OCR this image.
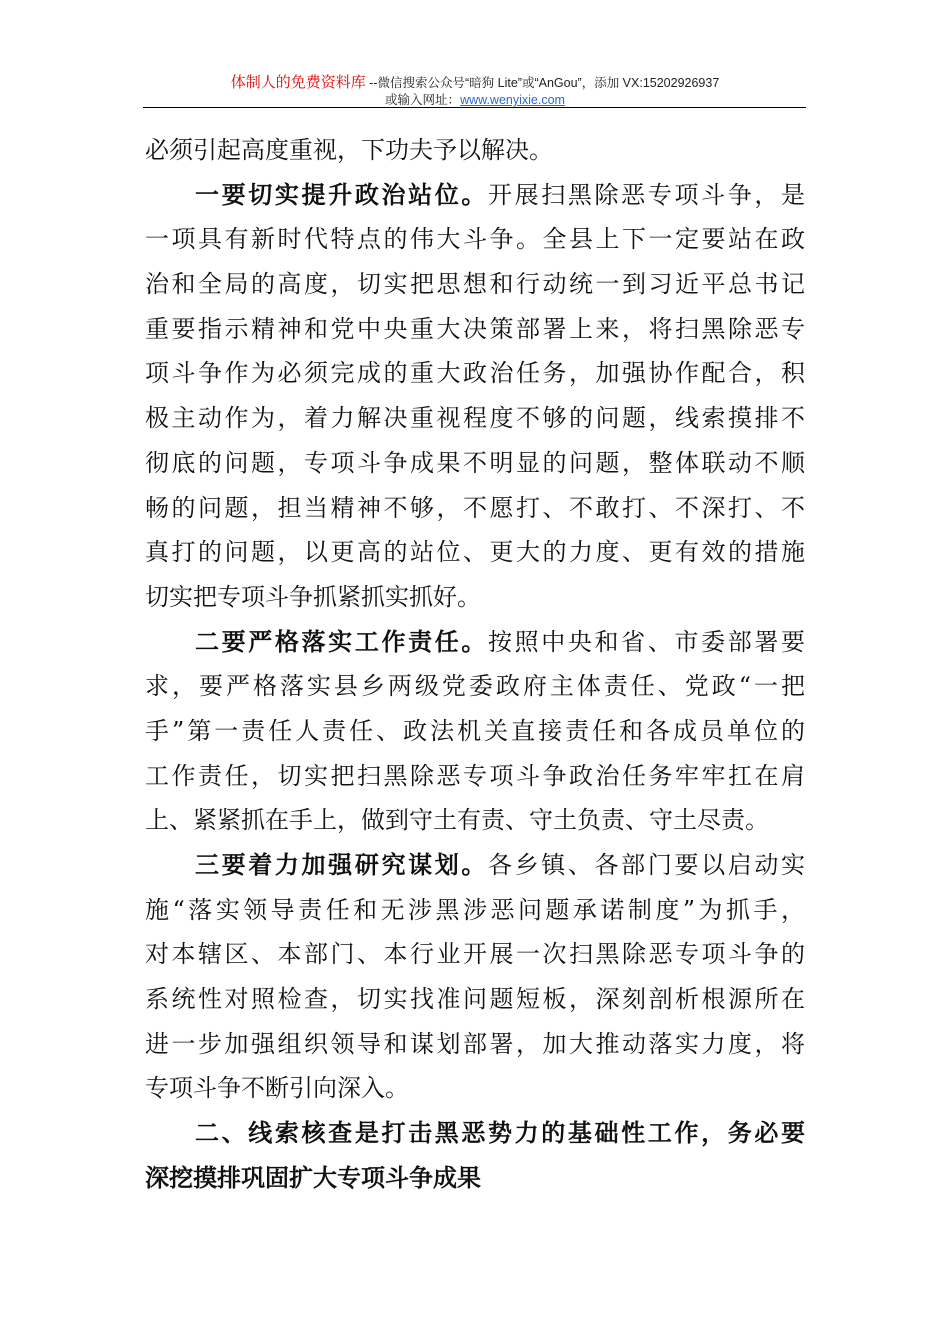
体制人的免费资料库 --微信搜索公众号“暗狗 Lite”或“AnGou”，添加 VX:15202926937
或输入网址：www.wenyixie.com
必须引起高度重视，下功夫予以解决。
一要切实提升政治站位。开展扫黑除恶专项斗争，是
一项具有新时代特点的伟大斗争。全县上下一定要站在政
治和全局的高度，切实把思想和行动统一到习近平总书记
重要指示精神和党中央重大决策部署上来，将扫黑除恶专
项斗争作为必须完成的重大政治任务，加强协作配合，积
极主动作为，着力解决重视程度不够的问题，线索摸排不
彻底的问题，专项斗争成果不明显的问题，整体联动不顺
畅的问题，担当精神不够，不愿打、不敢打、不深打、不
真打的问题，以更高的站位、更大的力度、更有效的措施
切实把专项斗争抓紧抓实抓好。
二要严格落实工作责任。按照中央和省、市委部署要
求，要严格落实县乡两级党委政府主体责任、党政“一把
手”第一责任人责任、政法机关直接责任和各成员单位的
工作责任，切实把扫黑除恶专项斗争政治任务牢牢扛在肩
上、紧紧抓在手上，做到守土有责、守土负责、守土尽责。
三要着力加强研究谋划。各乡镇、各部门要以启动实
施“落实领导责任和无涉黑涉恶问题承诺制度”为抓手，
对本辖区、本部门、本行业开展一次扫黑除恶专项斗争的
系统性对照检查，切实找准问题短板，深刻剖析根源所在
进一步加强组织领导和谋划部署，加大推动落实力度，将
专项斗争不断引向深入。
二、线索核查是打击黑恶势力的基础性工作，务必要
深挖摸排巩固扩大专项斗争成果
